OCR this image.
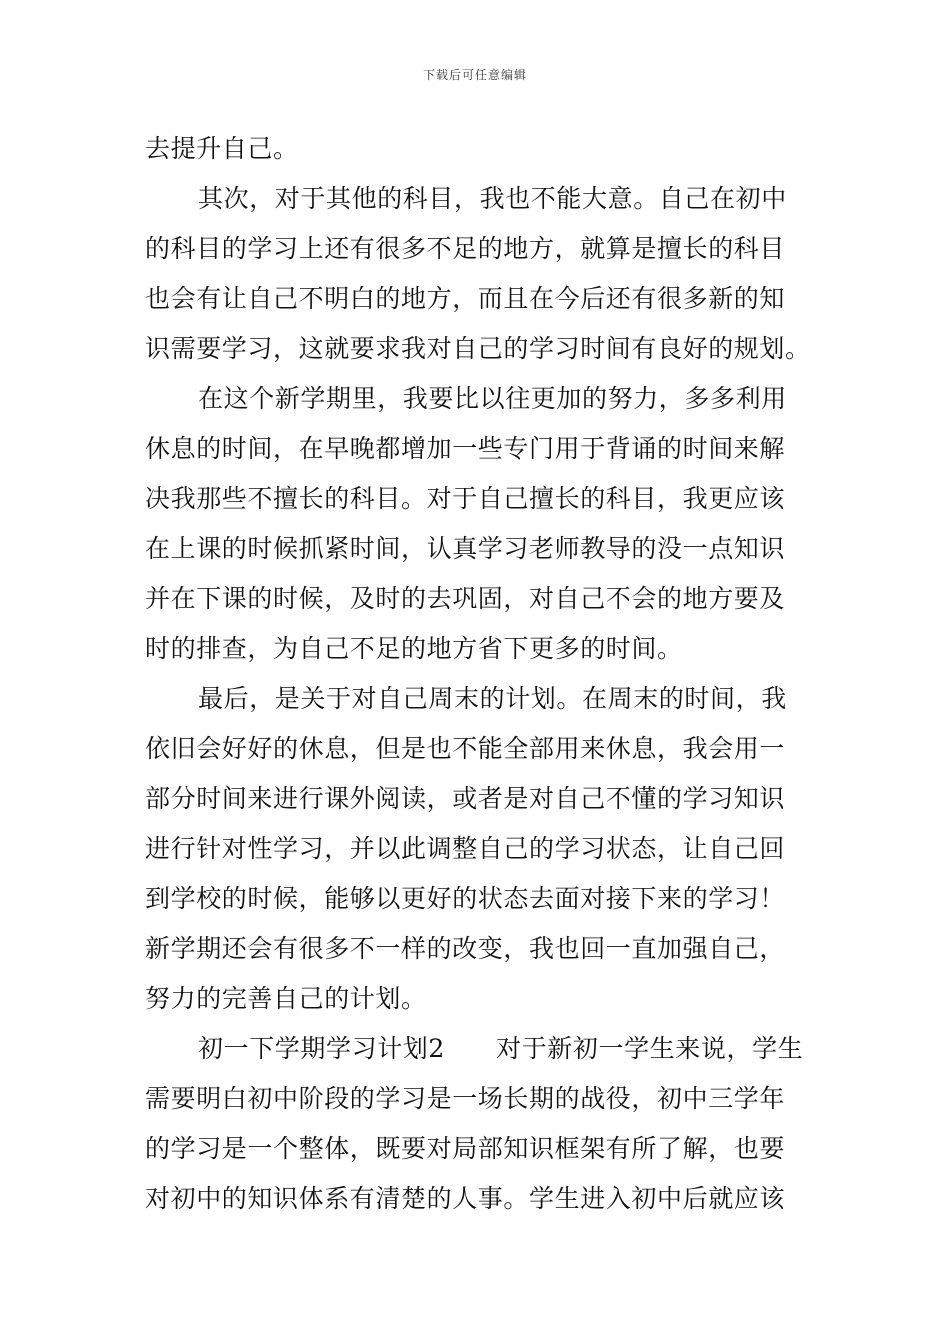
下载后可任意编辑
去提升自己。
其次，对于其他的科目，我也不能大意。自己在初中
的科目的学习上还有很多不足的地方，就算是擅长的科目
也会有让自己不明白的地方，而且在今后还有很多新的知
识需要学习，这就要求我对自己的学习时间有良好的规划。
在这个新学期里，我要比以往更加的努力，多多利用
休息的时间，在早晚都增加一些专门用于背诵的时间来解
决我那些不擅长的科目。对于自己擅长的科目，我更应该
在上课的时候抓紧时间，认真学习老师教导的没一点知识
并在下课的时候，及时的去巩固，对自己不会的地方要及
时的排查，为自己不足的地方省下更多的时间。
最后，是关于对自己周末的计划。在周末的时间，我
依旧会好好的休息，但是也不能全部用来休息，我会用一
部分时间来进行课外阅读，或者是对自己不懂的学习知识
进行针对性学习，并以此调整自己的学习状态，让自己回
到学校的时候，能够以更好的状态去面对接下来的学习！
新学期还会有很多不一样的改变，我也回一直加强自己，
努力的完善自己的计划。
初一下学期学习计划2　　对于新初一学生来说，学生
需要明白初中阶段的学习是一场长期的战役，初中三学年
的学习是一个整体，既要对局部知识框架有所了解，也要
对初中的知识体系有清楚的人事。学生进入初中后就应该
